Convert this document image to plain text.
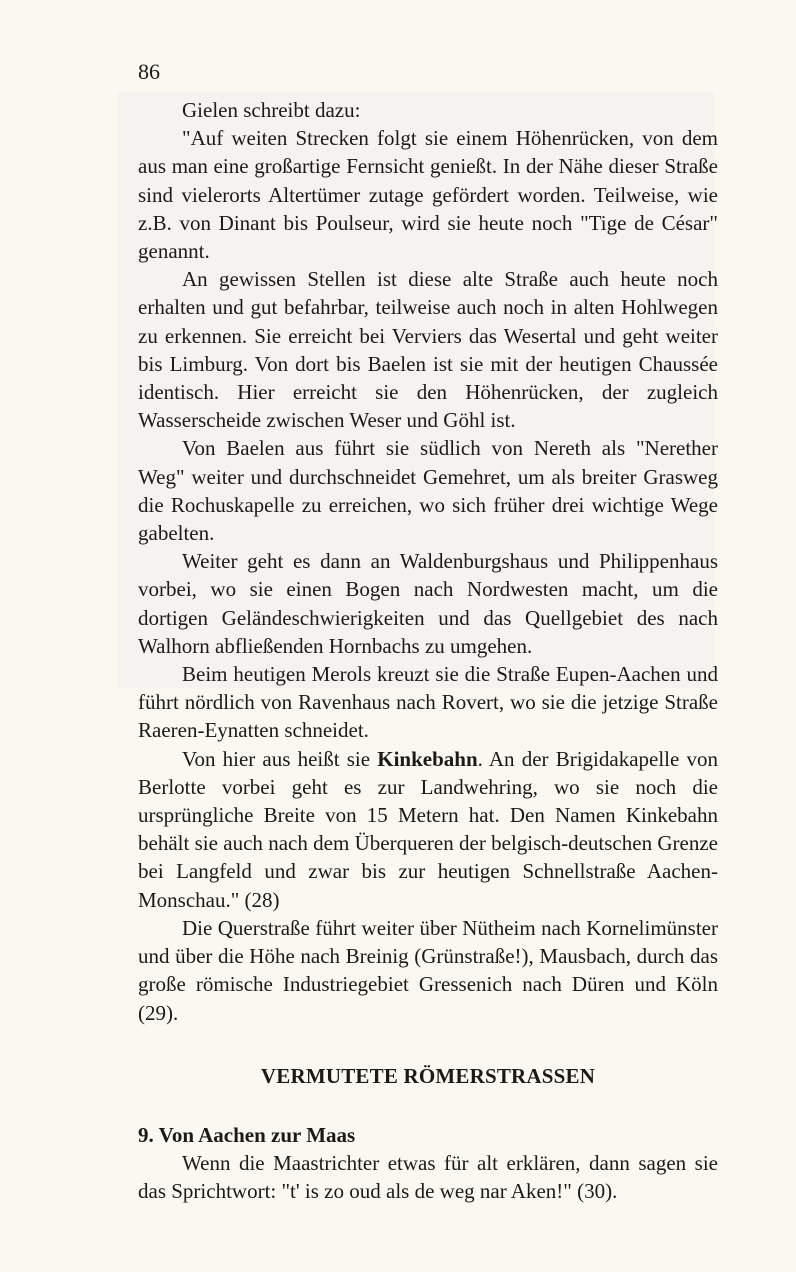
86

Gielen schreibt dazu:

"Auf weiten Strecken folgt sie einem Höhenrücken, von dem aus man eine großartige Fernsicht genießt. In der Nähe dieser Straße sind vielerorts Altertümer zutage gefördert worden. Teilweise, wie z.B. von Dinant bis Poulseur, wird sie heute noch "Tige de César" genannt.

An gewissen Stellen ist diese alte Straße auch heute noch erhalten und gut befahrbar, teilweise auch noch in alten Hohlwegen zu erkennen. Sie erreicht bei Verviers das Wesertal und geht weiter bis Limburg. Von dort bis Baelen ist sie mit der heutigen Chaussée identisch. Hier erreicht sie den Höhenrücken, der zugleich Wasserscheide zwischen Weser und Göhl ist.

Von Baelen aus führt sie südlich von Nereth als "Nerether Weg" weiter und durchschneidet Gemehret, um als breiter Grasweg die Rochuskapelle zu erreichen, wo sich früher drei wichtige Wege gabelten.

Weiter geht es dann an Waldenburgshaus und Philippenhaus vorbei, wo sie einen Bogen nach Nordwesten macht, um die dortigen Geländeschwierigkeiten und das Quellgebiet des nach Walhorn abfließenden Hornbachs zu umgehen.

Beim heutigen Merols kreuzt sie die Straße Eupen-Aachen und führt nördlich von Ravenhaus nach Rovert, wo sie die jetzige Straße Raeren-Eynatten schneidet.

Von hier aus heißt sie Kinkebahn. An der Brigidakapelle von Berlotte vorbei geht es zur Landwehring, wo sie noch die ursprüngliche Breite von 15 Metern hat. Den Namen Kinkebahn behält sie auch nach dem Überqueren der belgisch-deutschen Grenze bei Langfeld und zwar bis zur heutigen Schnellstraße Aachen-Monschau." (28)

Die Querstraße führt weiter über Nütheim nach Kornelimünster und über die Höhe nach Breinig (Grünstraße!), Mausbach, durch das große römische Industriegebiet Gressenich nach Düren und Köln (29).

VERMUTETE RÖMERSTRASSEN
9. Von Aachen zur Maas

Wenn die Maastrichter etwas für alt erklären, dann sagen sie das Sprichtwort: "t' is zo oud als de weg nar Aken!" (30).
